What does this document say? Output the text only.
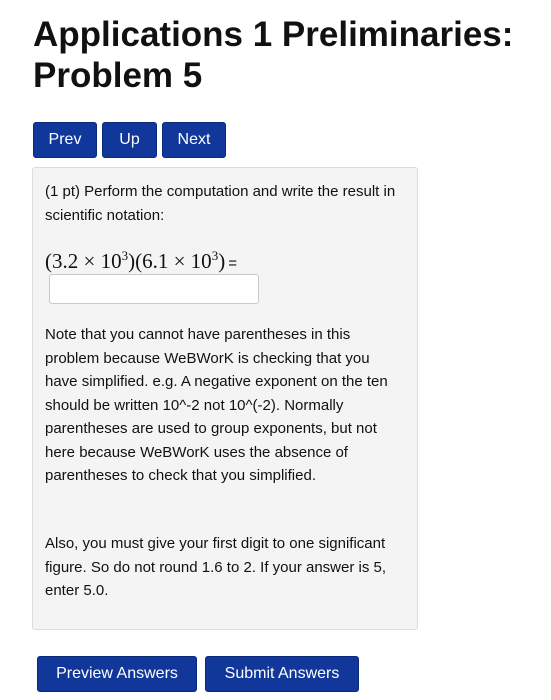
Applications 1 Preliminaries:
Problem 5
Prev	Up	Next

(1 pt) Perform the computation and write the result in scientific notation:

$(3.2 \times 10^3)(6.1 \times 10^3)$ =

Note that you cannot have parentheses in this problem because WeBWorK is checking that you have simplified. e.g. A negative exponent on the ten should be written 10^-2 not 10^(-2). Normally parentheses are used to group exponents, but not here because WeBWorK uses the absence of parentheses to check that you simplified.

Also, you must give your first digit to one significant figure. So do not round 1.6 to 2. If your answer is 5, enter 5.0.

Preview Answers	Submit Answers
